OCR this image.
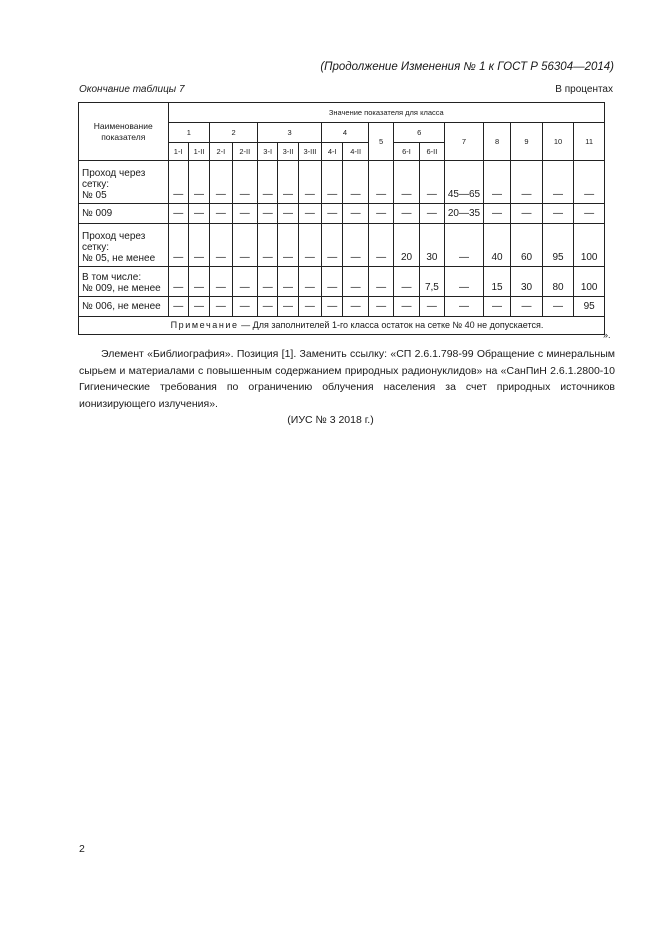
(Продолжение Изменения № 1 к ГОСТ Р 56304—2014)
Окончание таблицы 7	В процентах
Наименование показателя	Значение показателя для класса																
	1		2		3			4		5	6		7	8	9	10	11
	1-I	1-II	2-I	2-II	3-I	3-II	3-III	4-I	4-II		6-I	6-II					
Проход через
сетку:
№ 05	—	—	—	—	—	—	—	—	—	—	—	—	45—65	—	—	—	—
№ 009	—	—	—	—	—	—	—	—	—	—	—	—	20—35	—	—	—	—
Проход через
сетку:
№ 05, не менее	—	—	—	—	—	—	—	—	—	—	20	30	—	40	60	95	100
В том числе:
№ 009, не менее	—	—	—	—	—	—	—	—	—	—	—	7,5	—	15	30	80	100
№ 006, не менее	—	—	—	—	—	—	—	—	—	—	—	—	—	—	—	—	95

Примечание — Для заполнителей 1-го класса остаток на сетке № 40 не допускается.																	
».

Элемент «Библиография». Позиция [1]. Заменить ссылку: «СП 2.6.1.798-99 Обращение с минеральным сырьем и материалами с повышенным содержанием природных радионуклидов» на «СанПиН 2.6.1.2800-10 Гигиенические требования по ограничению облучения населения за счет природных источников ионизирующего излучения».

(ИУС № 3 2018 г.)
2
